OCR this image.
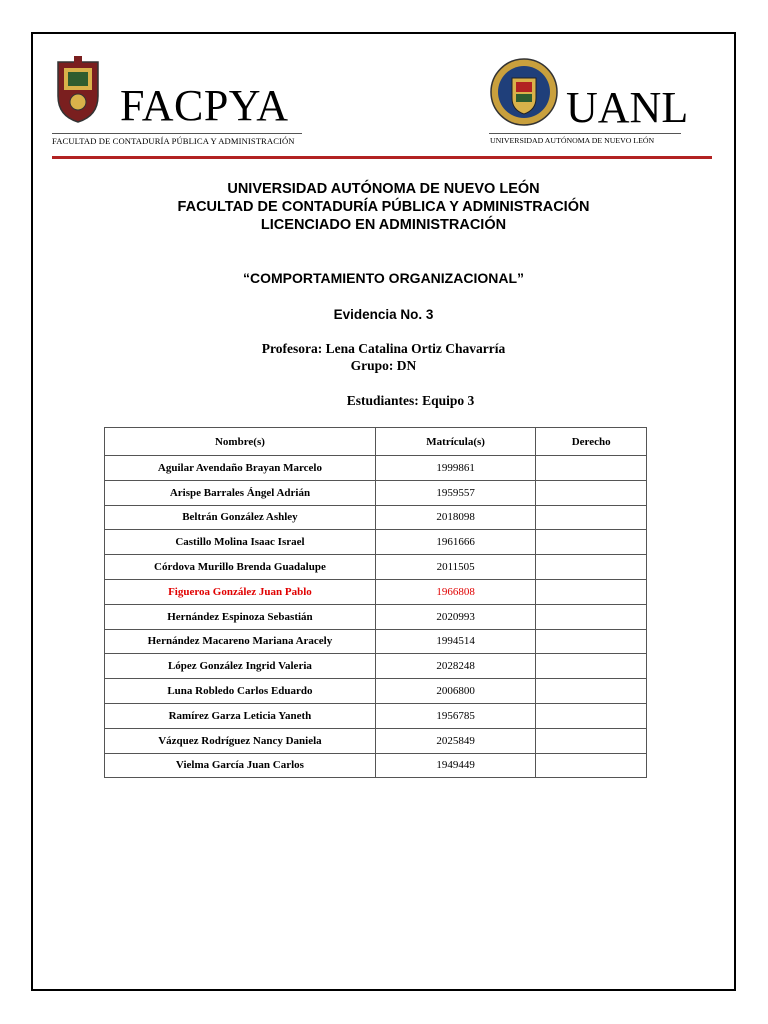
FACPYA
FACULTAD DE CONTADURÍA PÚBLICA Y ADMINISTRACIÓN
UANL
UNIVERSIDAD AUTÓNOMA DE NUEVO LEÓN
UNIVERSIDAD AUTÓNOMA DE NUEVO LEÓN
FACULTAD DE CONTADURÍA PÚBLICA Y ADMINISTRACIÓN
LICENCIADO EN ADMINISTRACIÓN
“COMPORTAMIENTO ORGANIZACIONAL”
Evidencia No. 3
Profesora: Lena Catalina Ortiz Chavarría
Grupo: DN
Estudiantes: Equipo 3
Nombre(s)	Matrícula(s)	Derecho
Aguilar Avendaño Brayan Marcelo	1999861	
Arispe Barrales Ángel Adrián	1959557	
Beltrán González Ashley	2018098	
Castillo Molina Isaac Israel	1961666	
Córdova Murillo Brenda Guadalupe	2011505	
Figueroa González Juan Pablo	1966808	
Hernández Espinoza Sebastián	2020993	
Hernández Macareno Mariana Aracely	1994514	
López González Ingrid Valeria	2028248	
Luna Robledo Carlos Eduardo	2006800	
Ramírez Garza Leticia Yaneth	1956785	
Vázquez Rodríguez Nancy Daniela	2025849	
Vielma García Juan Carlos	1949449	
